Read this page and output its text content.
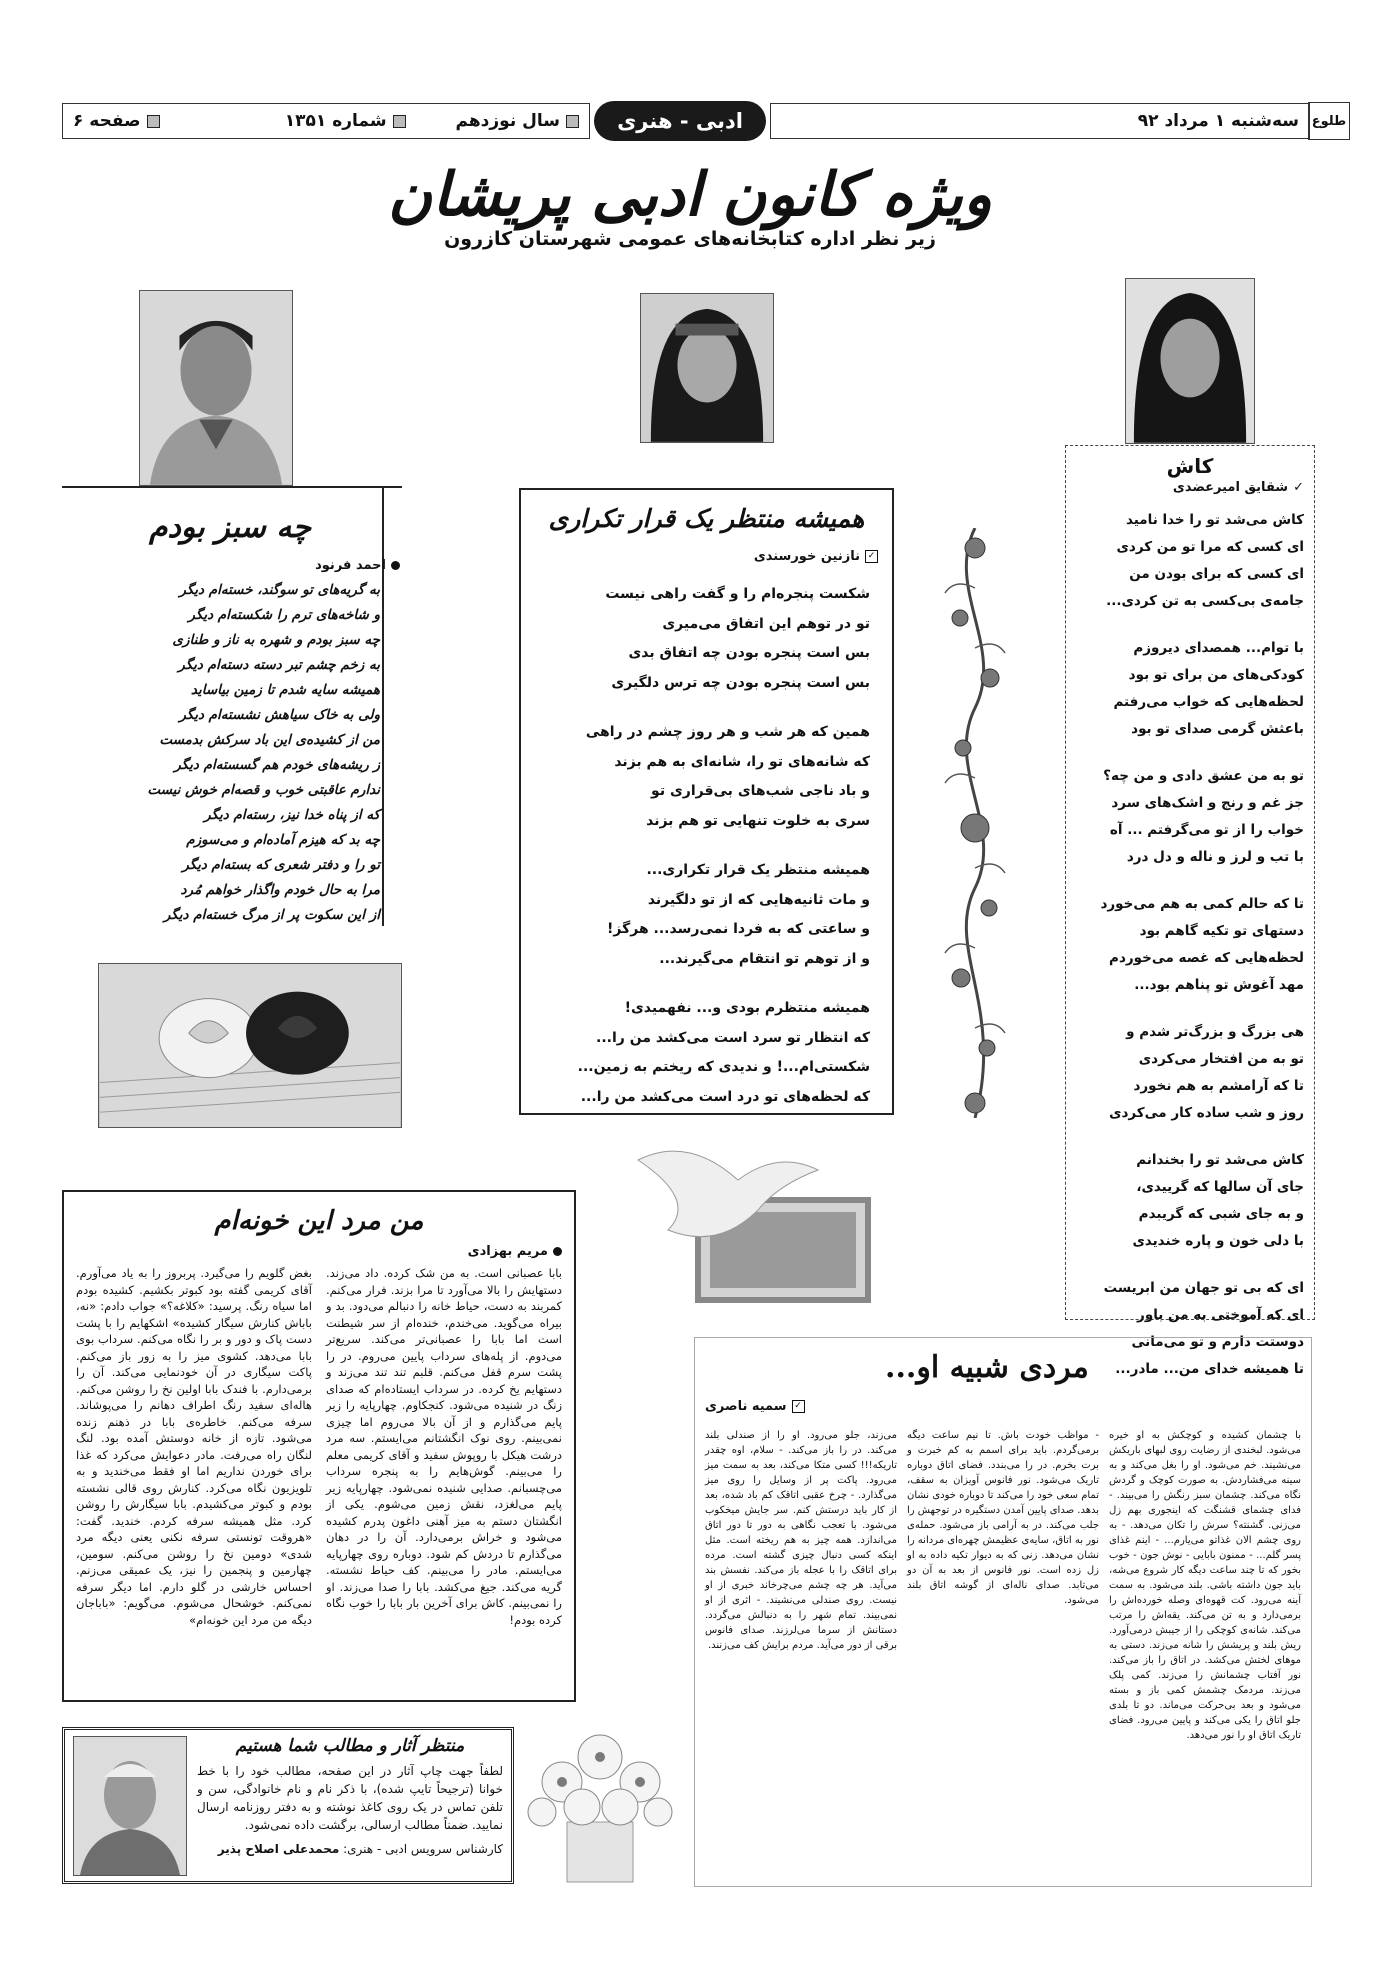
طلوع
سه‌شنبه ۱ مرداد ۹۲
ادبی - هنری
سال نوزدهم
شماره ۱۳۵۱
صفحه ۶
ویژه کانون ادبی پریشان
زیر نظر اداره کتابخانه‌های عمومی شهرستان کازرون
کاش
✓
شقایق امیرعضدی
کاش می‌شد تو را خدا نامید
ای کسی که مرا تو من کردی
ای کسی که برای بودن من
جامه‌ی بی‌کسی به تن کردی...
با توام... همصدای دیروزم
کودکی‌های من برای تو بود
لحظه‌هایی که خواب می‌رفتم
باعثش گرمی صدای تو بود
تو به من عشق دادی و من چه؟
جز غم و رنج و اشک‌های سرد
خواب را از تو می‌گرفتم ... آه
با تب و لرز و ناله و دل درد
تا که حالم کمی به هم می‌خورد
دستهای تو تکیه گاهم بود
لحظه‌هایی که غصه می‌خوردم
مهد آغوش تو پناهم بود...
هی بزرگ و بزرگ‌تر شدم و
تو به من افتخار می‌کردی
تا که آرامشم به هم نخورد
روز و شب ساده کار می‌کردی
کاش می‌شد تو را بخندانم
جای آن سالها که گرییدی،
و به جای شبی که گریبدم
با دلی خون و پاره خندیدی
ای که بی تو جهان من ابریست
ای که آموختی به من باور
دوستت دارم و تو می‌مانی
تا همیشه خدای من... مادر...
همیشه منتظر یک قرار تکراری
✓
نازنین خورسندی
شکست پنجره‌ام را و گفت راهی نیست
تو در توهم این اتفاق می‌میری
بس است پنجره بودن چه اتفاق بدی
بس است پنجره بودن چه ترس دلگیری
همین که هر شب و هر روز چشم در راهی
که شانه‌های تو را، شانه‌ای به هم بزند
و باد ناجی شب‌های بی‌قراری تو
سری به خلوت تنهایی تو هم بزند
همیشه منتظر یک قرار تکراری...
و مات ثانیه‌هایی که از تو دلگیرند
و ساعتی که به فردا نمی‌رسد... هرگز!
و از توهم تو انتقام می‌گیرند...
همیشه منتظرم بودی و... نفهمیدی!
که انتظار تو سرد است می‌کشد من را...
شکستی‌ام...! و ندیدی که ریختم به زمین...
که لحظه‌های تو درد است می‌کشد من را...
چه سبز بودم
احمد فرنود
به گریه‌های تو سوگند، خسته‌ام دیگر
و شاخه‌های ترم را شکسته‌ام دیگر
چه سبز بودم و شهره به ناز و طنازی
به زخم چشم تبر دسته دسته‌ام دیگر
همیشه سایه شدم تا زمین بیاساید
ولی به خاک سیاهش نشسته‌ام دیگر
من از کشیده‌ی این باد سرکش بدمست
ز ریشه‌های خودم هم گسسته‌ام دیگر
ندارم عاقبتی خوب و قصه‌ام خوش نیست
که از پناه خدا نیز، رسته‌ام دیگر
چه بد که هیزم آماده‌ام و می‌سوزم
تو را و دفتر شعری که بسته‌ام دیگر
مرا به حال خودم واگذار خواهم مُرد
از این سکوت پر از مرگ خسته‌ام دیگر
من مرد این خونه‌ام
مریم بهزادی
بابا عصبانی است. به من شک کرده. داد می‌زند. دستهایش را بالا می‌آورد تا مرا بزند. فرار می‌کنم. کمربند به دست، حیاط خانه را دنبالم می‌دود. بد و بیراه می‌گوید. می‌خندم، خنده‌ام از سر شیطنت است اما بابا را عصبانی‌تر می‌کند. سریع‌تر می‌دوم. از پله‌های سرداب پایین می‌روم. در را پشت سرم قفل می‌کنم. قلبم تند تند می‌زند و دستهایم یخ کرده. در سرداب ایستاده‌ام که صدای زنگ در شنیده می‌شود. کنجکاوم. چهارپایه را زیر پایم می‌گذارم و از آن بالا می‌روم اما چیزی نمی‌بینم. روی نوک انگشتانم می‌ایستم. سه مرد درشت هیکل با روپوش سفید و آقای کریمی معلم را می‌بینم. گوش‌هایم را به پنجره سرداب می‌چسبانم. صدایی شنیده نمی‌شود. چهارپایه زیر پایم می‌لغزد، نقش زمین می‌شوم. یکی از انگشتان دستم به میز آهنی داغون پدرم کشیده می‌شود و خراش برمی‌دارد. آن را در دهان می‌گذارم تا دردش کم شود. دوباره روی چهارپایه می‌ایستم. مادر را می‌بینم. کف حیاط نشسته. گریه می‌کند. جیغ می‌کشد. بابا را صدا می‌زند. او را نمی‌بینم. کاش برای آخرین بار بابا را خوب نگاه کرده بودم!
بغض گلویم را می‌گیرد. پربروز را به یاد می‌آورم. آقای کریمی گفته بود کبوتر بکشیم. کشیده بودم اما سیاه رنگ. پرسید: «کلاغه؟» جواب دادم: «نه، باباش کنارش سیگار کشیده» اشکهایم را با پشت دست پاک و دور و بر را نگاه می‌کنم. سرداب بوی بابا می‌دهد. کشوی میز را به زور باز می‌کنم. پاکت سیگاری در آن خودنمایی می‌کند. آن را برمی‌دارم. با فندک بابا اولین نخ را روشن می‌کنم. هاله‌ای سفید رنگ اطراف دهانم را می‌پوشاند. سرفه می‌کنم. خاطره‌ی بابا در ذهنم زنده می‌شود. تازه از خانه دوستش آمده بود. لنگ لنگان راه می‌رفت. مادر دعوایش می‌کرد که غذا برای خوردن نداریم اما او فقط می‌خندید و به تلویزیون نگاه می‌کرد. کنارش روی قالی نشسته بودم و کبوتر می‌کشیدم. بابا سیگارش را روشن کرد. مثل همیشه سرفه کردم. خندید. گفت: «هروقت تونستی سرفه نکنی یعنی دیگه مرد شدی» دومین نخ را روشن می‌کنم. سومین، چهارمین و پنجمین را نیز، یک عمیقی می‌زنم. احساس خارشی در گلو دارم. اما دیگر سرفه نمی‌کنم. خوشحال می‌شوم. می‌گویم: «باباجان دیگه من مرد این خونه‌ام»
مردی شبیه او...
سمیه ناصری ✓
با چشمان کشیده و کوچکش به او خیره می‌شود. لبخندی از رضایت روی لبهای باریکش می‌نشیند. خم می‌شود. او را بغل می‌کند و به سینه می‌فشاردش. به صورت کوچک و گردش نگاه می‌کند. چشمان سبز رنگش را می‌بیند. - فدای چشمای قشنگت که اینجوری بهم زل می‌زنی. گشنته؟ سرش را تکان می‌دهد. - به روی چشم الان غذاتو می‌یارم... - اینم غذای پسر گلم... - ممنون بابایی - نوش جون - خوب بخور که تا چند ساعت دیگه کار شروع می‌شه، باید جون داشته باشی. بلند می‌شود. به سمت آینه می‌رود. کت قهوه‌ای وصله خورده‌اش را برمی‌دارد و به تن می‌کند. یقه‌اش را مرتب می‌کند. شانه‌ی کوچکی را از جیبش درمی‌آورد. ریش بلند و پریشش را شانه می‌زند. دستی به موهای لختش می‌کشد. در اتاق را باز می‌کند. نور آفتاب چشمانش را می‌زند. کمی پلک می‌زند. مردمک چشمش کمی باز و بسته می‌شود و بعد بی‌حرکت می‌ماند. دو تا بلدی جلو اتاق را یکی می‌کند و پایین می‌رود. فضای تاریک اتاق او را نور می‌دهد.
- مواظب خودت باش. تا نیم ساعت دیگه برمی‌گردم. باید برای اسمم به کم خبرت و برت بخرم. در را می‌بندد. فضای اتاق دوباره تاریک می‌شود. نور فانوس آویزان به سقف، تمام سعی خود را می‌کند تا دوباره خودی نشان بدهد. صدای پایین آمدن دستگیره در توجهش را جلب می‌کند. در به آرامی باز می‌شود. حمله‌ی نور به اتاق، سایه‌ی عظیمش چهره‌ای مردانه را نشان می‌دهد. زنی که به دیوار تکیه داده به او زل زده است. نور فانوس از بعد به آن دو می‌تابد. صدای ناله‌ای از گوشه اتاق بلند می‌شود.
می‌زند، جلو می‌رود. او را از صندلی بلند می‌کند. در را باز می‌کند. - سلام، اوه چقدر تاریکه!!! کسی متکا می‌کند، بعد به سمت میز می‌رود. پاکت پر از وسایل را روی میز می‌گذارد. - چرخ عقبی اتاقک کم باد شده، بعد از کار باید درستش کنم. سر جایش میخکوب می‌شود. با تعجب نگاهی به دور تا دور اتاق می‌اندازد. همه چیز به هم ریخته است. مثل اینکه کسی دنبال چیزی گشته است. مرده برای اتاقک را با عجله باز می‌کند. نفسش بند می‌آید. هر چه چشم می‌چرخاند خبری از او نیست. روی صندلی می‌نشیند. - اثری از او نمی‌بیند. تمام شهر را به دنبالش می‌گردد. دستانش از سرما می‌لرزند. صدای فانوس برقی از دور می‌آید. مردم برایش کف می‌زنند.
منتظر آثار و مطالب شما هستیم
لطفاً جهت چاپ آثار در این صفحه، مطالب خود را با خط خوانا (ترجیحاً تایپ شده)، با ذکر نام و نام خانوادگی، سن و تلفن تماس در یک روی کاغذ نوشته و به دفتر روزنامه ارسال نمایید. ضمناً مطالب ارسالی، برگشت داده نمی‌شود.
کارشناس سرویس ادبی - هنری: محمدعلی اصلاح پذیر
